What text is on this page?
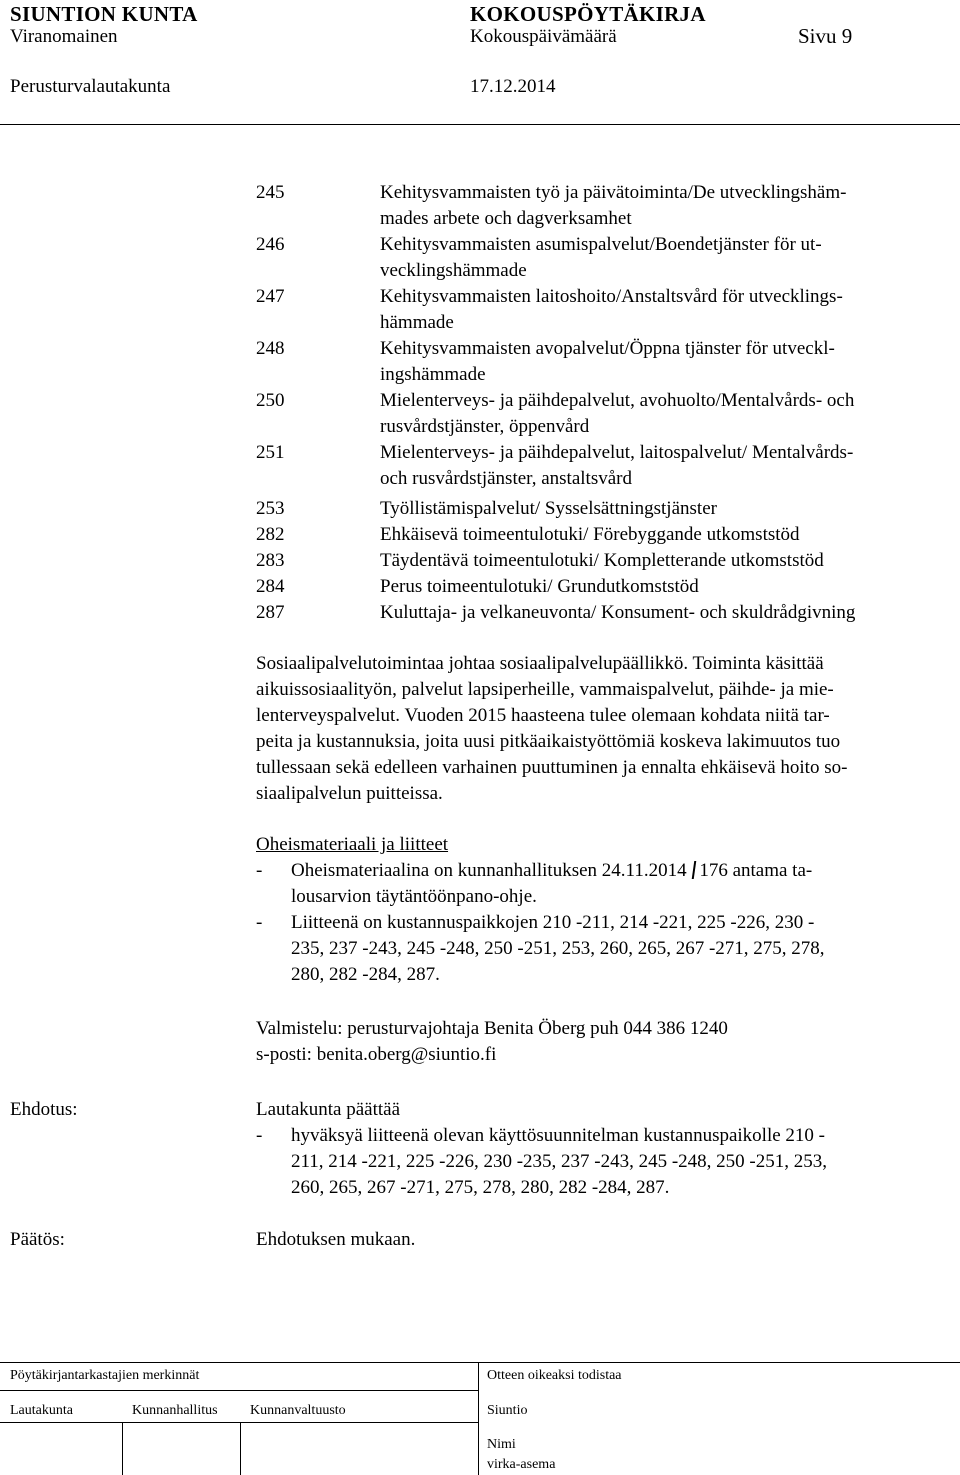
SIUNTION KUNTA	KOKOUSPÖYTÄKIRJA
Viranomainen	Kokouspäivämäärä	Sivu 9
Perusturvalautakunta	17.12.2014
245	Kehitysvammaisten työ ja päivätoiminta/De utvecklingshäm-
mades arbete och dagverksamhet
246	Kehitysvammaisten asumispalvelut/Boendetjänster för ut-
vecklingshämmade
247	Kehitysvammaisten laitoshoito/Anstaltsvård för utvecklings-
hämmade
248	Kehitysvammaisten avopalvelut/Öppna tjänster för utveckl-
ingshämmade
250	Mielenterveys- ja päihdepalvelut, avohuolto/Mentalvårds- och
rusvårdstjänster, öppenvård
251	Mielenterveys- ja päihdepalvelut, laitospalvelut/ Mentalvårds-
och rusvårdstjänster, anstaltsvård
253	Työllistämispalvelut/ Sysselsättningstjänster
282	Ehkäisevä toimeentulotuki/ Förebyggande utkomststöd
283	Täydentävä toimeentulotuki/ Kompletterande utkomststöd
284	Perus toimeentulotuki/ Grundutkomststöd
287	Kuluttaja- ja velkaneuvonta/ Konsument- och skuldrådgivning
Sosiaalipalvelutoimintaa johtaa sosiaalipalvelupäällikkö. Toiminta käsittää
aikuissosiaalityön, palvelut lapsiperheille, vammaispalvelut, päihde- ja mie-
lenterveyspalvelut. Vuoden 2015 haasteena tulee olemaan kohdata niitä tar-
peita ja kustannuksia, joita uusi pitkäaikaistyöttömiä koskeva lakimuutos tuo
tullessaan sekä edelleen varhainen puuttuminen ja ennalta ehkäisevä hoito so-
siaalipalvelun puitteissa.
Oheismateriaali ja liitteet
-	Oheismateriaalina on kunnanhallituksen 24.11.2014
176 antama ta-
lousarvion täytäntöönpano-ohje.
-	Liitteenä on kustannuspaikkojen 210 -211, 214 -221, 225 -226, 230 -
235, 237 -243, 245 -248, 250 -251, 253, 260, 265, 267 -271, 275, 278,
280, 282 -284, 287.
Valmistelu: perusturvajohtaja Benita Öberg puh 044 386 1240
s-posti: benita.oberg@siuntio.fi
Ehdotus:	Lautakunta päättää
-	hyväksyä liitteenä olevan käyttösuunnitelman kustannuspaikolle 210 -
211, 214 -221, 225 -226, 230 -235, 237 -243, 245 -248, 250 -251, 253,
260, 265, 267 -271, 275, 278, 280, 282 -284, 287.
Päätös:	Ehdotuksen mukaan.
Pöytäkirjantarkastajien merkinnät	Otteen oikeaksi todistaa
Lautakunta	Kunnanhallitus Kunnanvaltuusto	Siuntio
Nimi
virka-asema
